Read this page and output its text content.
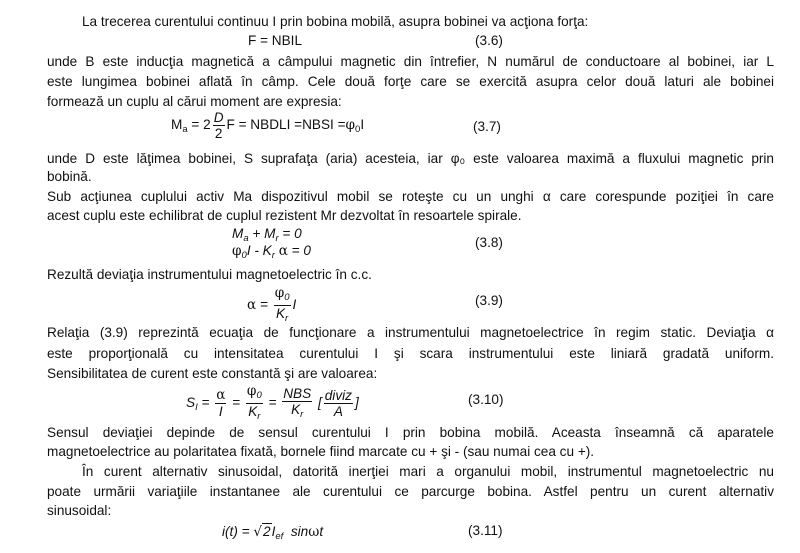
La trecerea curentului continuu I prin bobina mobilă, asupra bobinei va acţiona forţa:
F = NBIL	(3.6)
unde B este inducţia magnetică a câmpului magnetic din întrefier, N numărul de conductoare al bobinei, iar L
este lungimea bobinei aflată în câmp. Cele două forţe care se exercită asupra celor două laturi ale bobinei
formează un cuplu al cărui moment are expresia:
$M_a = 2 \frac{D}{2}$ F = NBDLI =NBSI $=\varphi_0I$	(3.7)
unde D este lăţimea bobinei, S suprafaţa (aria) acesteia, iar φ₀ este valoarea maximă a fluxului magnetic prin
bobină.
Sub acţiunea cuplului activ Ma dispozitivul mobil se roteşte cu un unghi α care corespunde poziţiei în care
acest cuplu este echilibrat de cuplul rezistent Mr dezvoltat în resoartele spirale.
$M_a + M_r = 0$
$\varphi_0I - K_r$ α = 0
(3.8)
Rezultă deviaţia instrumentului magnetoelectric în c.c.
$\alpha = \frac{\varphi_0}{K_r}$ I	(3.9)
Relaţia (3.9) reprezintă ecuaţia de funcţionare a instrumentului magnetoelectrice în regim static. Deviaţia α
este proporţională cu intensitatea curentului I şi scara instrumentului este liniară gradată uniform.
Sensibilitatea de curent este constantă şi are valoarea:
$S_I = \frac{\alpha}{I} = \frac{\varphi_0}{K_r} = \frac{\text{NBS}}{K_r}$ [ $\frac{\text{diviz}}{A}$ ]	(3.10)
Sensul deviaţiei depinde de sensul curentului I prin bobina mobilă. Aceasta înseamnă că aparatele
magnetoelectrice au polaritatea fixată, bornele fiind marcate cu + şi - (sau numai cea cu +).
În curent alternativ sinusoidal, datorită inerţiei mari a organului mobil, instrumentul magnetoelectric nu
poate urmării variaţiile instantanee ale curentului ce parcurge bobina. Astfel pentru un curent alternativ
sinusoidal:
$i(t) = √2I_{ef}$  sinωt	(3.11)
